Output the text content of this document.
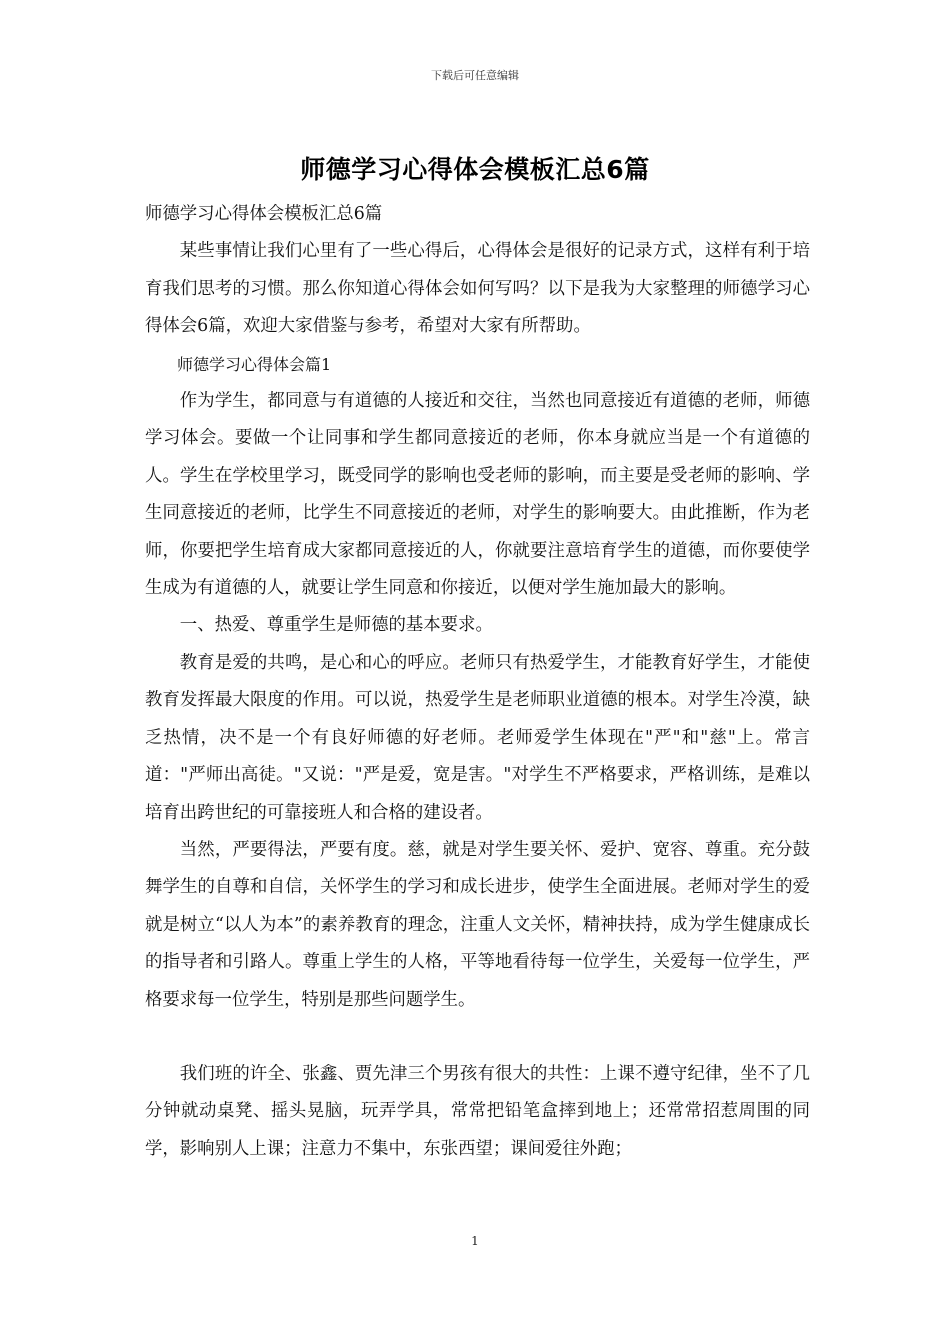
下载后可任意编辑
师德学习心得体会模板汇总6篇

师德学习心得体会模板汇总6篇

某些事情让我们心里有了一些心得后，心得体会是很好的记录方式，这样有利于培育我们思考的习惯。那么你知道心得体会如何写吗？以下是我为大家整理的师德学习心得体会6篇，欢迎大家借鉴与参考，希望对大家有所帮助。

师德学习心得体会篇1

作为学生，都同意与有道德的人接近和交往，当然也同意接近有道德的老师，师德学习体会。要做一个让同事和学生都同意接近的老师，你本身就应当是一个有道德的人。学生在学校里学习，既受同学的影响也受老师的影响，而主要是受老师的影响、学生同意接近的老师，比学生不同意接近的老师，对学生的影响要大。由此推断，作为老师，你要把学生培育成大家都同意接近的人，你就要注意培育学生的道德，而你要使学生成为有道德的人，就要让学生同意和你接近，以便对学生施加最大的影响。

一、热爱、尊重学生是师德的基本要求。

教育是爱的共鸣，是心和心的呼应。老师只有热爱学生，才能教育好学生，才能使教育发挥最大限度的作用。可以说，热爱学生是老师职业道德的根本。对学生冷漠，缺乏热情，决不是一个有良好师德的好老师。老师爱学生体现在"严"和"慈"上。常言道："严师出高徒。"又说："严是爱，宽是害。"对学生不严格要求，严格训练，是难以培育出跨世纪的可靠接班人和合格的建设者。

当然，严要得法，严要有度。慈，就是对学生要关怀、爱护、宽容、尊重。充分鼓舞学生的自尊和自信，关怀学生的学习和成长进步，使学生全面进展。老师对学生的爱就是树立“以人为本”的素养教育的理念，注重人文关怀，精神扶持，成为学生健康成长的指导者和引路人。尊重上学生的人格，平等地看待每一位学生，关爱每一位学生，严格要求每一位学生，特别是那些问题学生。

我们班的许全、张鑫、贾先津三个男孩有很大的共性：上课不遵守纪律，坐不了几分钟就动桌凳、摇头晃脑，玩弄学具，常常把铅笔盒摔到地上；还常常招惹周围的同学，影响别人上课；注意力不集中，东张西望；课间爱往外跑；

1
